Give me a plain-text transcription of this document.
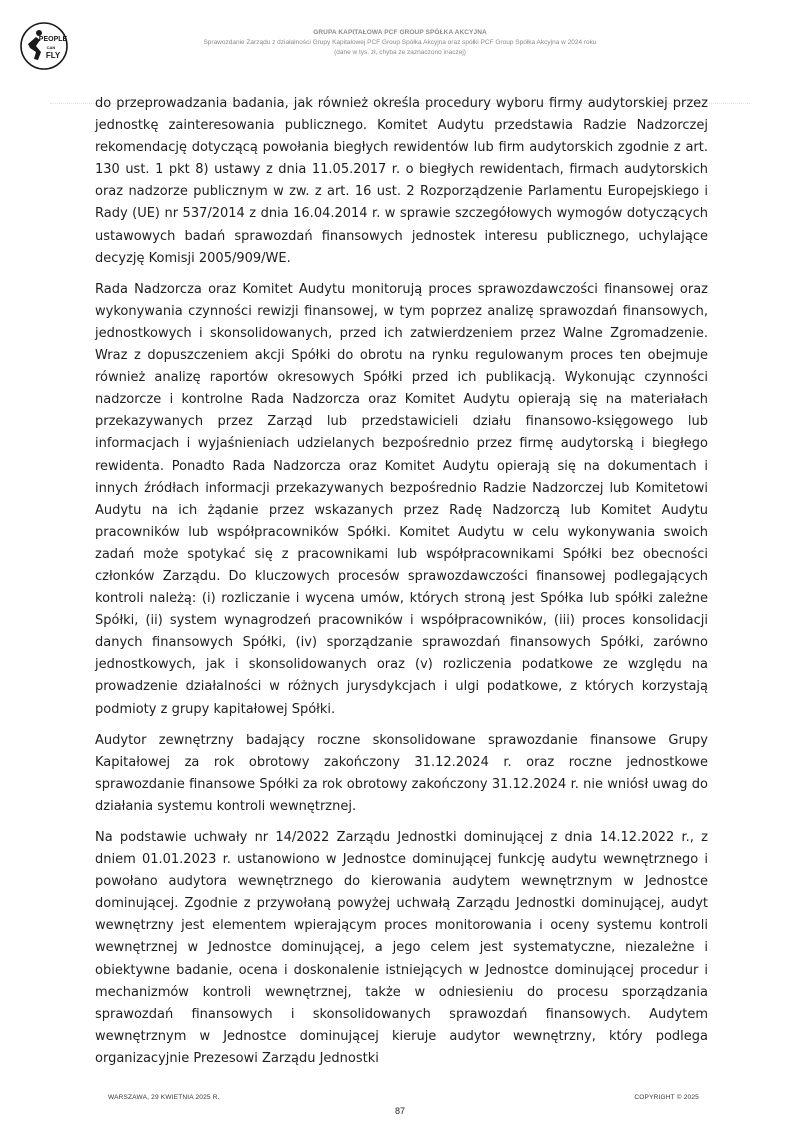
PEOPLE
CAN
FLY
GRUPA KAPITAŁOWA PCF GROUP SPÓŁKA AKCYJNA
Sprawozdanie Zarządu z działalności Grupy Kapitałowej PCF Group Spółka Akcyjna oraz spółki PCF Group Spółka Akcyjna w 2024 roku
(dane w tys. zł, chyba że zaznaczono inaczej)

do przeprowadzania badania, jak również określa procedury wyboru firmy audytorskiej przez jednostkę zainteresowania publicznego. Komitet Audytu przedstawia Radzie Nadzorczej rekomendację dotyczącą powołania biegłych rewidentów lub firm audytorskich zgodnie z art. 130 ust. 1 pkt 8) ustawy z dnia 11.05.2017 r. o biegłych rewidentach, firmach audytorskich oraz nadzorze publicznym w zw. z art. 16 ust. 2 Rozporządzenie Parlamentu Europejskiego i Rady (UE) nr 537/2014 z dnia 16.04.2014 r. w sprawie szczegółowych wymogów dotyczących ustawowych badań sprawozdań finansowych jednostek interesu publicznego, uchylające decyzję Komisji 2005/909/WE.

Rada Nadzorcza oraz Komitet Audytu monitorują proces sprawozdawczości finansowej oraz wykonywania czynności rewizji finansowej, w tym poprzez analizę sprawozdań finansowych, jednostkowych i skonsolidowanych, przed ich zatwierdzeniem przez Walne Zgromadzenie. Wraz z dopuszczeniem akcji Spółki do obrotu na rynku regulowanym proces ten obejmuje również analizę raportów okresowych Spółki przed ich publikacją. Wykonując czynności nadzorcze i kontrolne Rada Nadzorcza oraz Komitet Audytu opierają się na materiałach przekazywanych przez Zarząd lub przedstawicieli działu finansowo-księgowego lub informacjach i wyjaśnieniach udzielanych bezpośrednio przez firmę audytorską i biegłego rewidenta. Ponadto Rada Nadzorcza oraz Komitet Audytu opierają się na dokumentach i innych źródłach informacji przekazywanych bezpośrednio Radzie Nadzorczej lub Komitetowi Audytu na ich żądanie przez wskazanych przez Radę Nadzorczą lub Komitet Audytu pracowników lub współpracowników Spółki. Komitet Audytu w celu wykonywania swoich zadań może spotykać się z pracownikami lub współpracownikami Spółki bez obecności członków Zarządu. Do kluczowych procesów sprawozdawczości finansowej podlegających kontroli należą: (i) rozliczanie i wycena umów, których stroną jest Spółka lub spółki zależne Spółki, (ii) system wynagrodzeń pracowników i współpracowników, (iii) proces konsolidacji danych finansowych Spółki, (iv) sporządzanie sprawozdań finansowych Spółki, zarówno jednostkowych, jak i skonsolidowanych oraz (v) rozliczenia podatkowe ze względu na prowadzenie działalności w różnych jurysdykcjach i ulgi podatkowe, z których korzystają podmioty z grupy kapitałowej Spółki.

Audytor zewnętrzny badający roczne skonsolidowane sprawozdanie finansowe Grupy Kapitałowej za rok obrotowy zakończony 31.12.2024 r. oraz roczne jednostkowe sprawozdanie finansowe Spółki za rok obrotowy zakończony 31.12.2024 r. nie wniósł uwag do działania systemu kontroli wewnętrznej.

Na podstawie uchwały nr 14/2022 Zarządu Jednostki dominującej z dnia 14.12.2022 r., z dniem 01.01.2023 r. ustanowiono w Jednostce dominującej funkcję audytu wewnętrznego i powołano audytora wewnętrznego do kierowania audytem wewnętrznym w Jednostce dominującej. Zgodnie z przywołaną powyżej uchwałą Zarządu Jednostki dominującej, audyt wewnętrzny jest elementem wpierającym proces monitorowania i oceny systemu kontroli wewnętrznej w Jednostce dominującej, a jego celem jest systematyczne, niezależne i obiektywne badanie, ocena i doskonalenie istniejących w Jednostce dominującej procedur i mechanizmów kontroli wewnętrznej, także w odniesieniu do procesu sporządzania sprawozdań finansowych i skonsolidowanych sprawozdań finansowych. Audytem wewnętrznym w Jednostce dominującej kieruje audytor wewnętrzny, który podlega organizacyjnie Prezesowi Zarządu Jednostki

WARSZAWA, 29 KWIETNIA 2025 R.	COPYRIGHT © 2025
87
